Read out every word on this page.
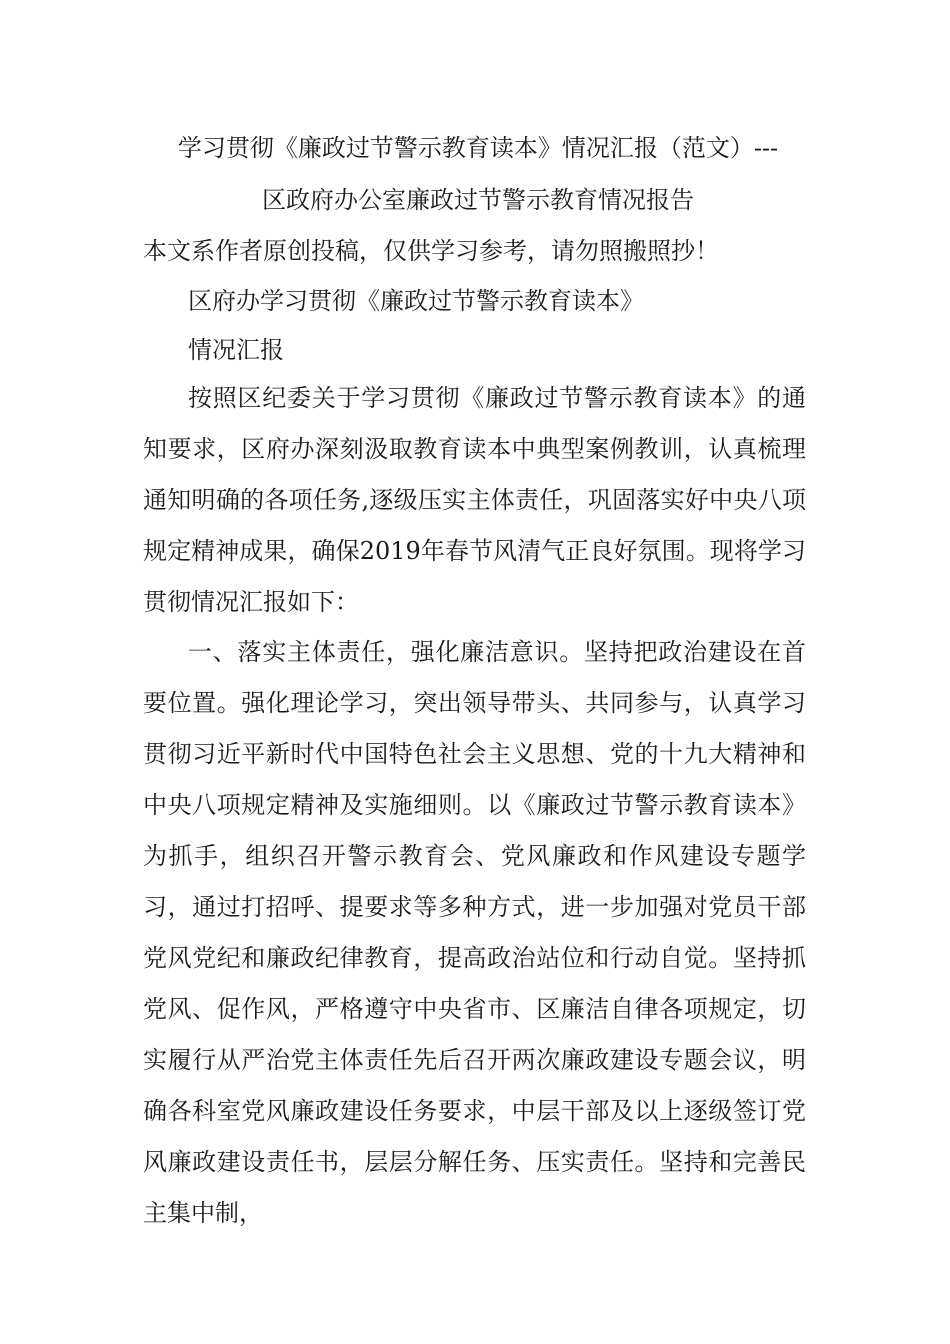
学习贯彻《廉政过节警示教育读本》情况汇报（范文）---
区政府办公室廉政过节警示教育情况报告
本文系作者原创投稿，仅供学习参考，请勿照搬照抄！
区府办学习贯彻《廉政过节警示教育读本》
情况汇报

按照区纪委关于学习贯彻《廉政过节警示教育读本》的通知要求，区府办深刻汲取教育读本中典型案例教训，认真梳理通知明确的各项任务,逐级压实主体责任，巩固落实好中央八项规定精神成果，确保2019年春节风清气正良好氛围。现将学习贯彻情况汇报如下：

一、落实主体责任，强化廉洁意识。坚持把政治建设在首要位置。强化理论学习，突出领导带头、共同参与，认真学习贯彻习近平新时代中国特色社会主义思想、党的十九大精神和中央八项规定精神及实施细则。以《廉政过节警示教育读本》为抓手，组织召开警示教育会、党风廉政和作风建设专题学习，通过打招呼、提要求等多种方式，进一步加强对党员干部党风党纪和廉政纪律教育，提高政治站位和行动自觉。坚持抓党风、促作风，严格遵守中央省市、区廉洁自律各项规定，切实履行从严治党主体责任先后召开两次廉政建设专题会议，明确各科室党风廉政建设任务要求，中层干部及以上逐级签订党风廉政建设责任书，层层分解任务、压实责任。坚持和完善民主集中制，
